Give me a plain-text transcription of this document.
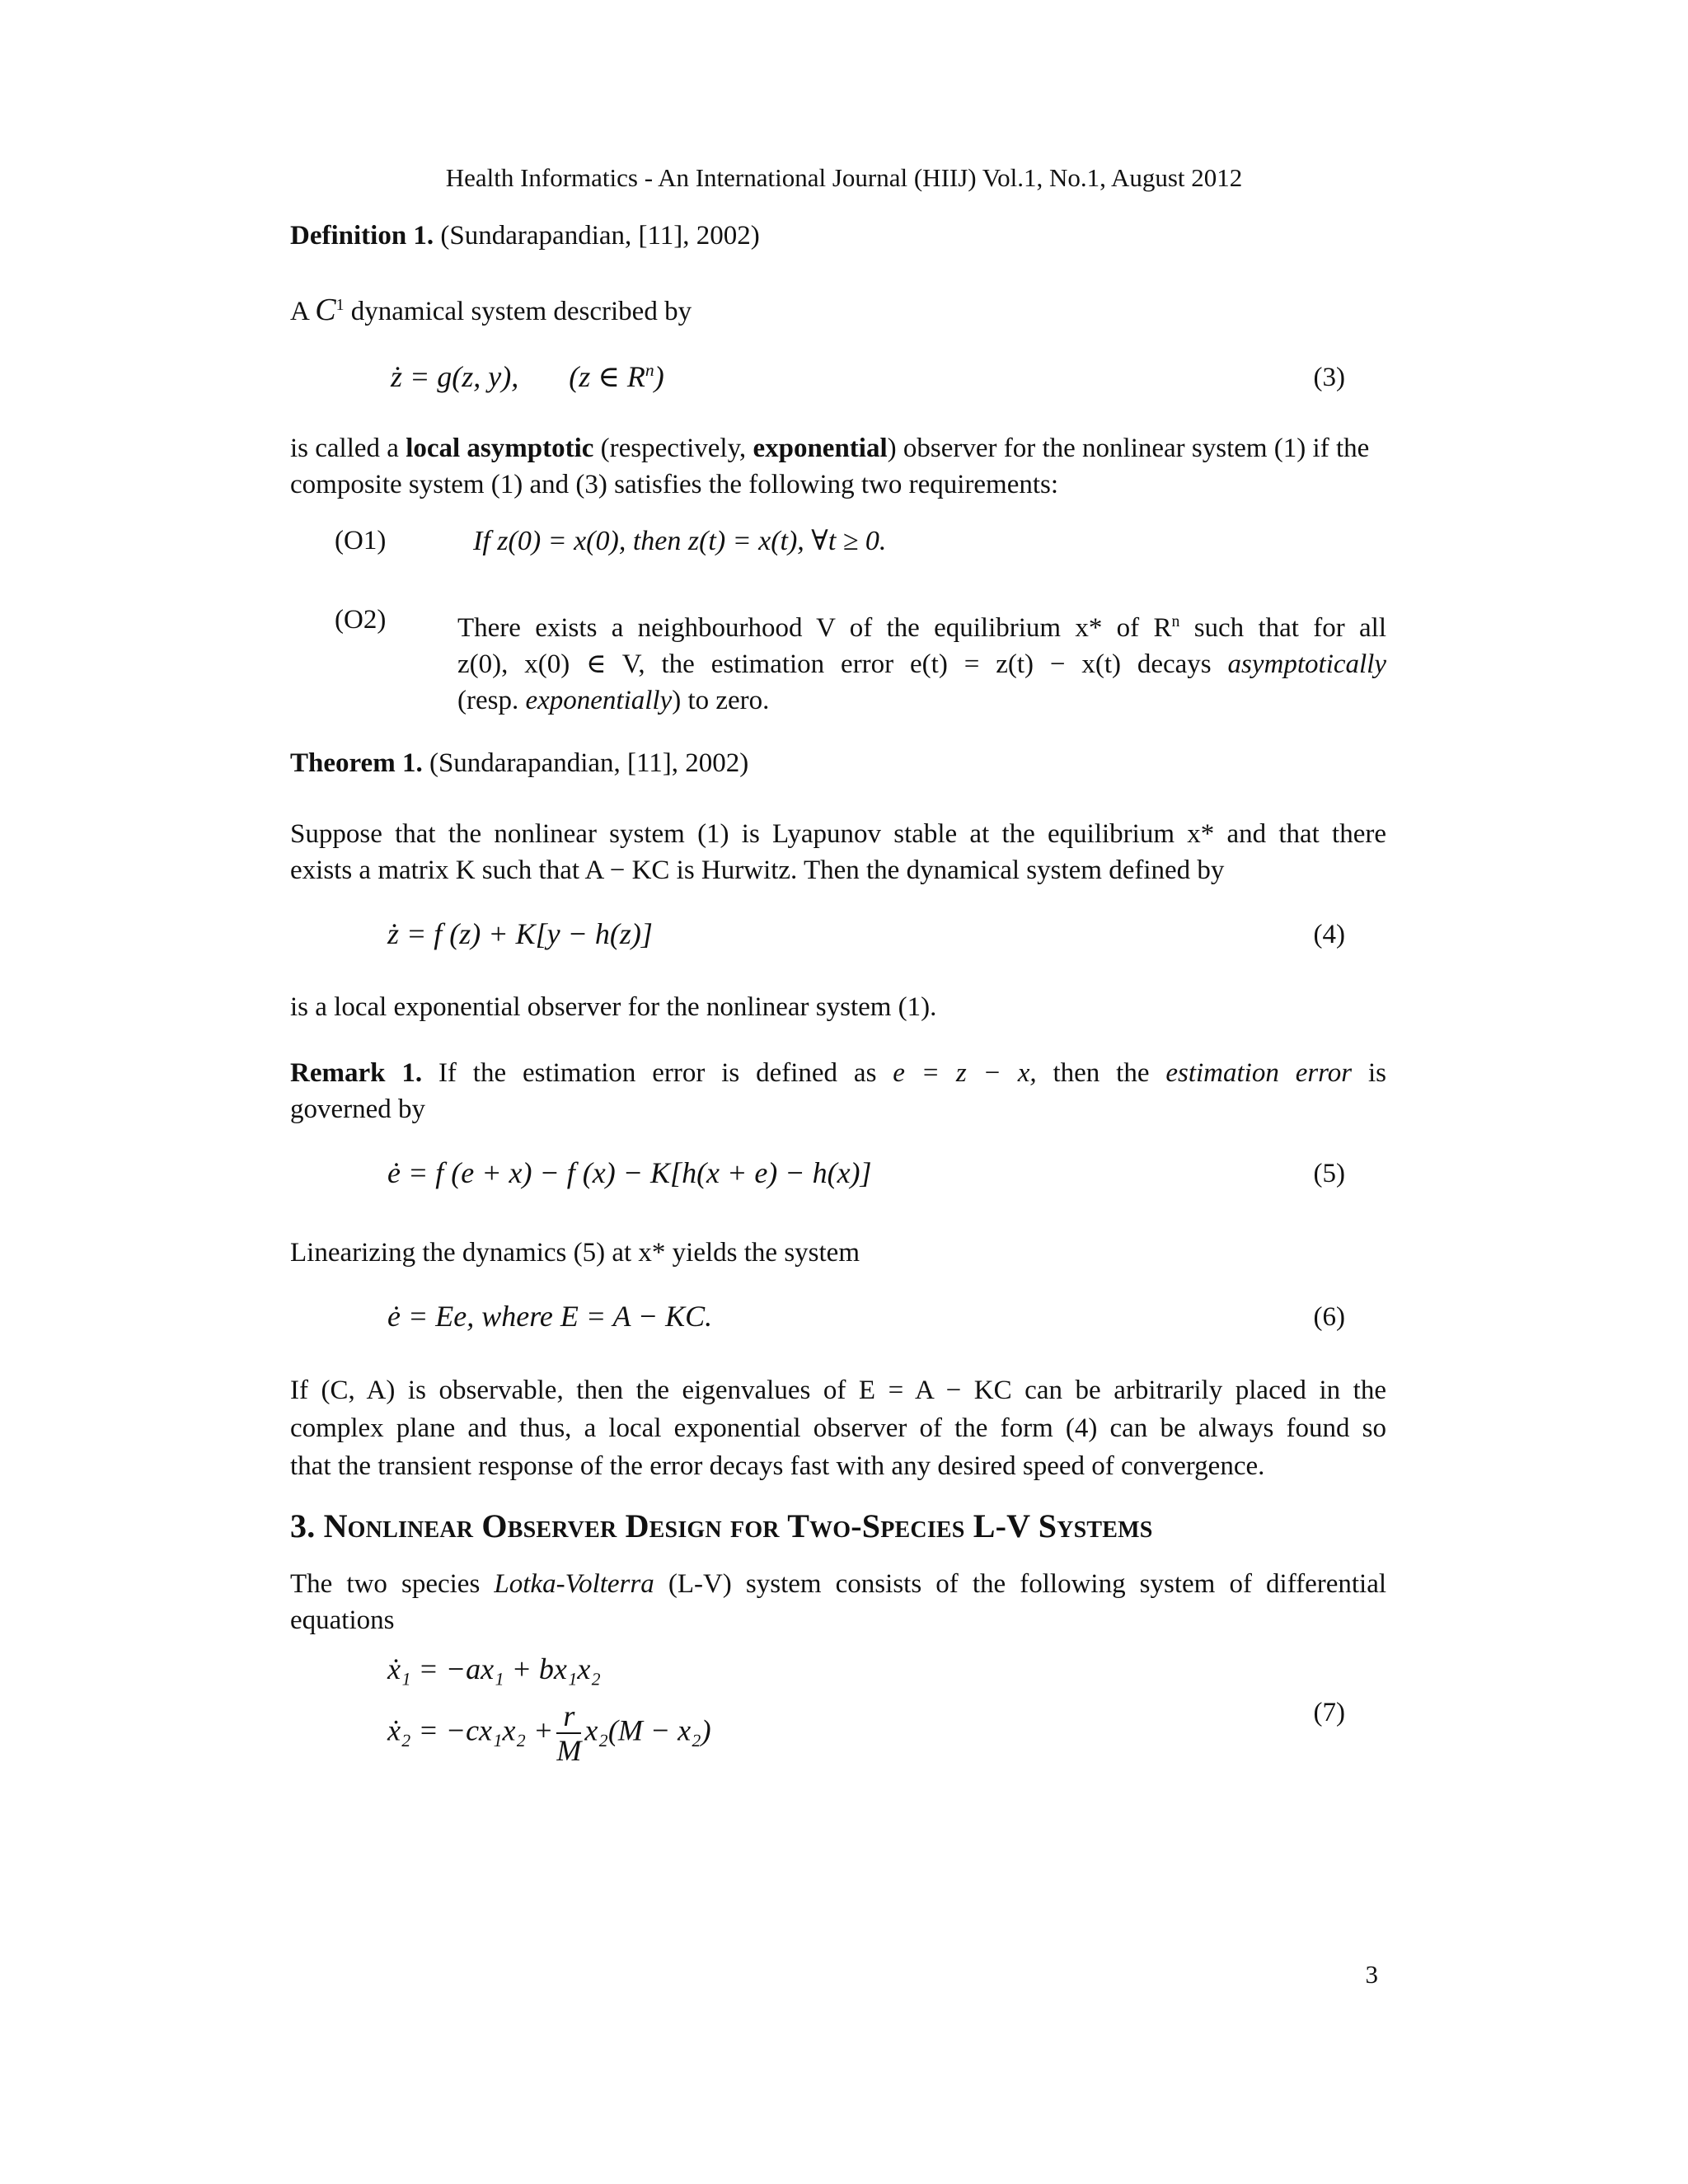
Health Informatics - An International Journal (HIIJ) Vol.1, No.1, August 2012
Definition 1. (Sundarapandian, [11], 2002)
A $C^1$ dynamical system described by
ż = g(z, y), (z ∈ $R^n$)	(3)
is called a local asymptotic (respectively, exponential) observer for the nonlinear system (1) if the composite system (1) and (3) satisfies the following two requirements:
(O1)	If z(0) = x(0), then z(t) = x(t), ∀t ≥ 0.
(O2)	There exists a neighbourhood V of the equilibrium x* of $R^n$ such that for all
z(0), x(0) ∈ V, the estimation error e(t) = z(t) − x(t) decays asymptotically
(resp. exponentially) to zero.
Theorem 1. (Sundarapandian, [11], 2002)
Suppose that the nonlinear system (1) is Lyapunov stable at the equilibrium x* and that there
exists a matrix K such that A − KC is Hurwitz. Then the dynamical system defined by
ż = f (z) + K[y − h(z)]	(4)
is a local exponential observer for the nonlinear system (1).
Remark 1. If the estimation error is defined as e = z − x, then the estimation error is
governed by
ė = f (e + x) − f (x) − K[h(x + e) − h(x)]	(5)
Linearizing the dynamics (5) at x* yields the system
ė = Ee, where E = A − KC.	(6)
If (C, A) is observable, then the eigenvalues of E = A − KC can be arbitrarily placed in the
complex plane and thus, a local exponential observer of the form (4) can be always found so
that the transient response of the error decays fast with any desired speed of convergence.
3. Nonlinear Observer Design for Two-Species L-V Systems
The two species Lotka-Volterra (L-V) system consists of the following system of differential
equations
ẋ₁ = −ax₁ + bx₁x₂
ẋ₂ = $-cx_1x_2 + \frac{r}{M} x_2(M - x_2)$
(7)
3
